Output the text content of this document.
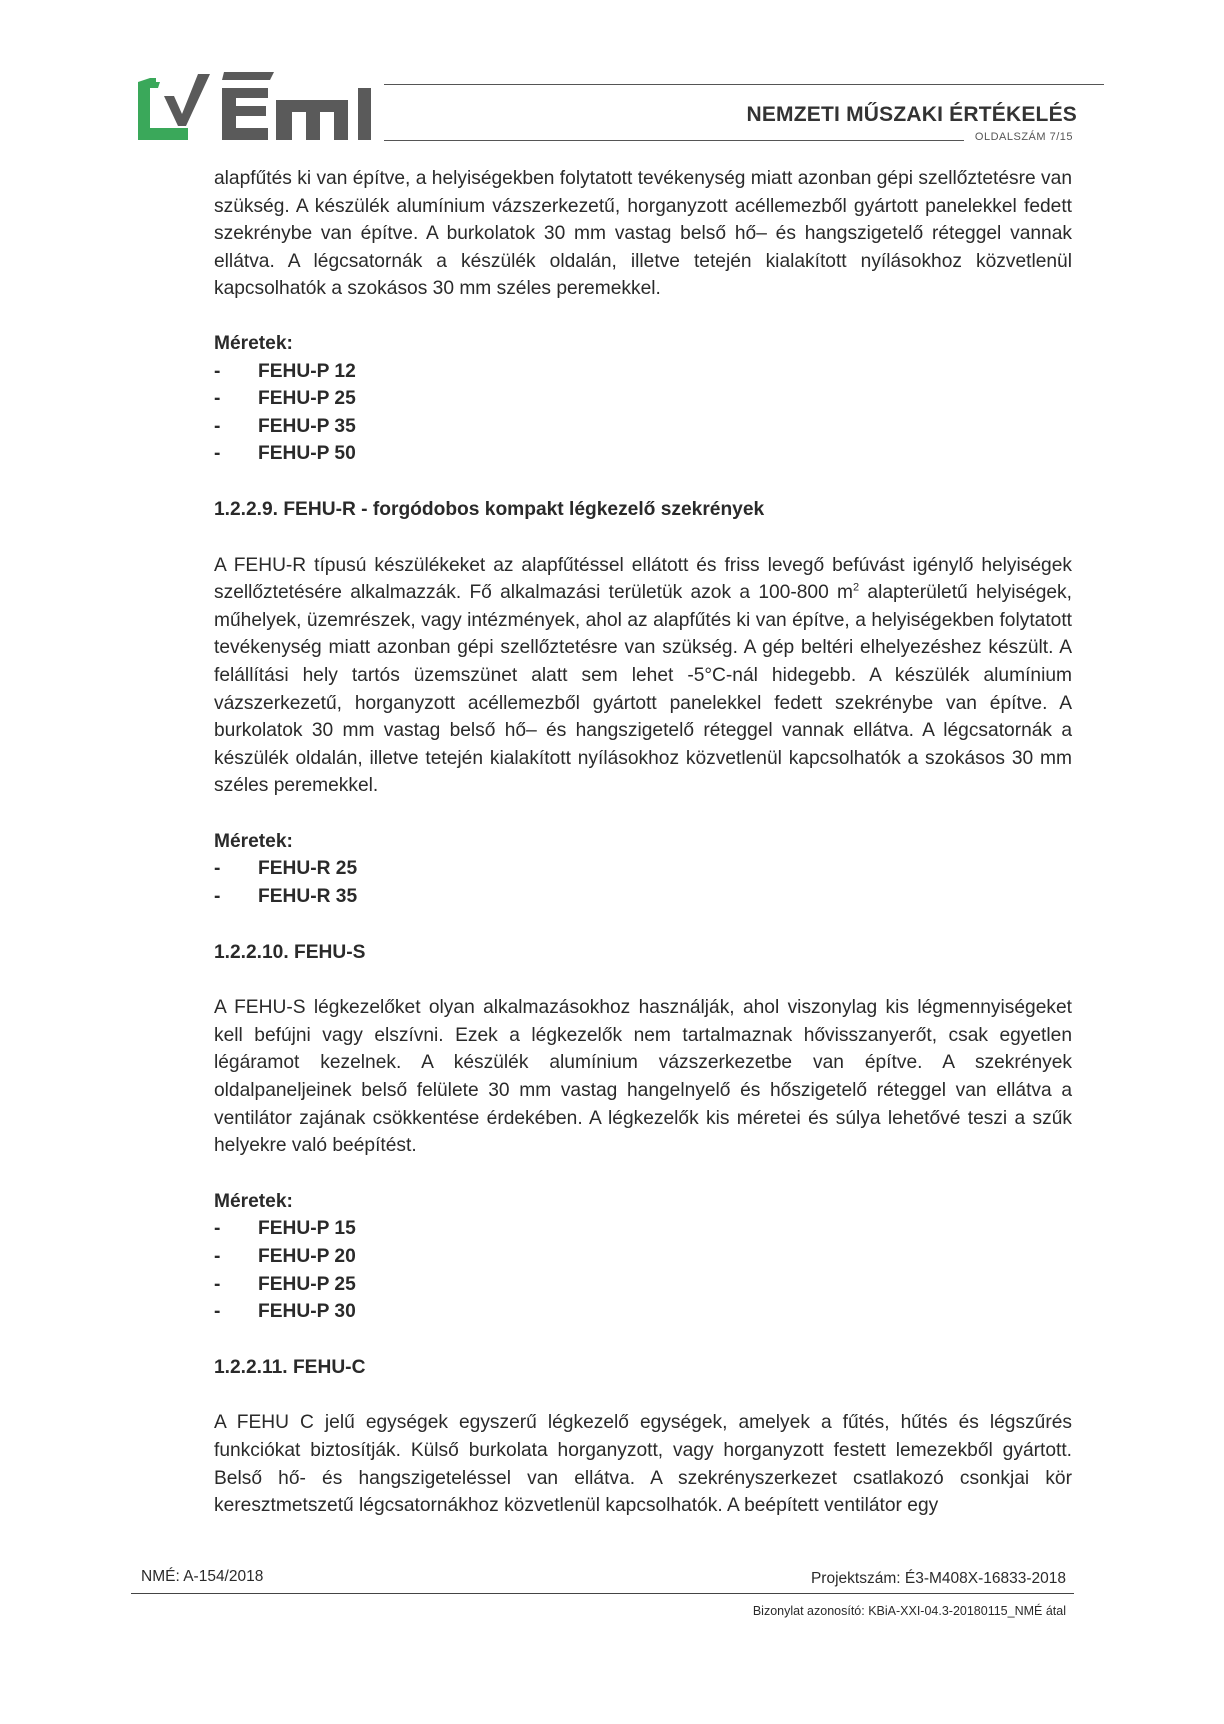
NEMZETI MŰSZAKI ÉRTÉKELÉS
OLDALSZÁM 7/15

alapfűtés ki van építve, a helyiségekben folytatott tevékenység miatt azonban gépi szellőztetésre van szükség. A készülék alumínium vázszerkezetű, horganyzott acéllemezből gyártott panelekkel fedett szekrénybe van építve. A burkolatok 30 mm vastag belső hő– és hangszigetelő réteggel vannak ellátva. A légcsatornák a készülék oldalán, illetve tetején kialakított nyílásokhoz közvetlenül kapcsolhatók a szokásos 30 mm széles peremekkel.

Méretek:

-	FEHU-P 12
-	FEHU-P 25
-	FEHU-P 35
-	FEHU-P 50

1.2.2.9. FEHU-R - forgódobos kompakt légkezelő szekrények

A FEHU-R típusú készülékeket az alapfűtéssel ellátott és friss levegő befúvást igénylő helyiségek szellőztetésére alkalmazzák. Fő alkalmazási területük azok a 100-800 $m^2$ alapterületű helyiségek, műhelyek, üzemrészek, vagy intézmények, ahol az alapfűtés ki van építve, a helyiségekben folytatott tevékenység miatt azonban gépi szellőztetésre van szükség. A gép beltéri elhelyezéshez készült. A felállítási hely tartós üzemszünet alatt sem lehet -5°C-nál hidegebb. A készülék alumínium vázszerkezetű, horganyzott acéllemezből gyártott panelekkel fedett szekrénybe van építve. A burkolatok 30 mm vastag belső hő– és hangszigetelő réteggel vannak ellátva. A légcsatornák a készülék oldalán, illetve tetején kialakított nyílásokhoz közvetlenül kapcsolhatók a szokásos 30 mm széles peremekkel.

Méretek:

-	FEHU-R 25
-	FEHU-R 35

1.2.2.10. FEHU-S

A FEHU-S légkezelőket olyan alkalmazásokhoz használják, ahol viszonylag kis légmennyiségeket kell befújni vagy elszívni. Ezek a légkezelők nem tartalmaznak hővisszanyerőt, csak egyetlen légáramot kezelnek. A készülék alumínium vázszerkezetbe van építve. A szekrények oldalpaneljeinek belső felülete 30 mm vastag hangelnyelő és hőszigetelő réteggel van ellátva a ventilátor zajának csökkentése érdekében. A légkezelők kis méretei és súlya lehetővé teszi a szűk helyekre való beépítést.

Méretek:

-	FEHU-P 15
-	FEHU-P 20
-	FEHU-P 25
-	FEHU-P 30

1.2.2.11. FEHU-C

A FEHU C jelű egységek egyszerű légkezelő egységek, amelyek a fűtés, hűtés és légszűrés funkciókat biztosítják. Külső burkolata horganyzott, vagy horganyzott festett lemezekből gyártott. Belső hő- és hangszigeteléssel van ellátva. A szekrényszerkezet csatlakozó csonkjai kör keresztmetszetű légcsatornákhoz közvetlenül kapcsolhatók. A beépített ventilátor egy

NMÉ: A-154/2018	Projektszám: É3-M408X-16833-2018
Bizonylat azonosító: KBiA-XXI-04.3-20180115_NMÉ átal
